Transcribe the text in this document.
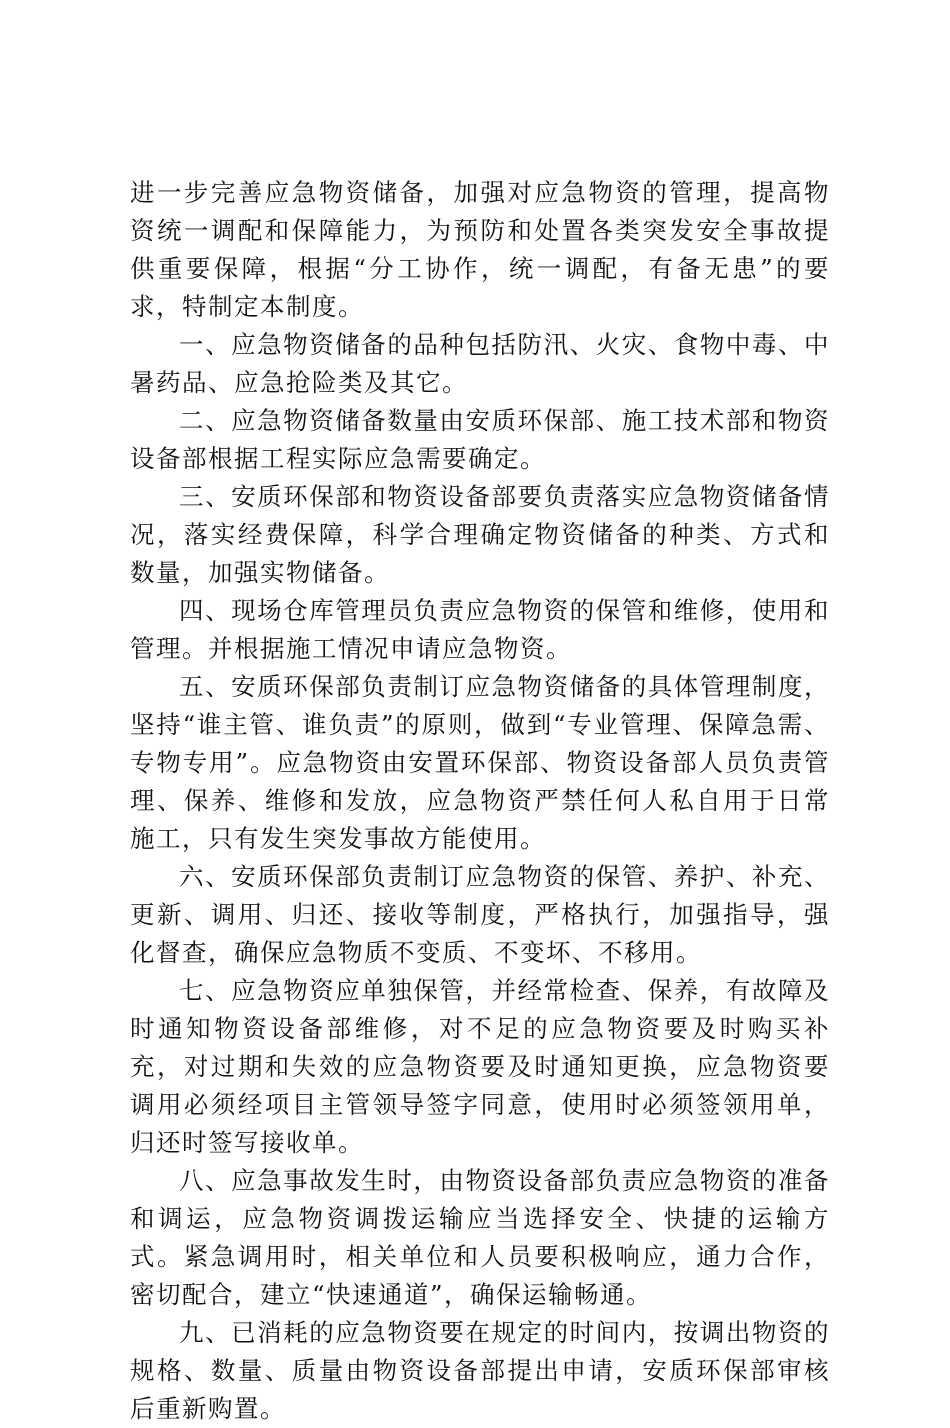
进一步完善应急物资储备，加强对应急物资的管理，提高物资统一调配和保障能力，为预防和处置各类突发安全事故提供重要保障，根据“分工协作，统一调配，有备无患”的要求，特制定本制度。

一、应急物资储备的品种包括防汛、火灾、食物中毒、中暑药品、应急抢险类及其它。

二、应急物资储备数量由安质环保部、施工技术部和物资设备部根据工程实际应急需要确定。

三、安质环保部和物资设备部要负责落实应急物资储备情况，落实经费保障，科学合理确定物资储备的种类、方式和数量，加强实物储备。

四、现场仓库管理员负责应急物资的保管和维修，使用和管理。并根据施工情况申请应急物资。

五、安质环保部负责制订应急物资储备的具体管理制度，坚持“谁主管、谁负责”的原则，做到“专业管理、保障急需、专物专用”。应急物资由安置环保部、物资设备部人员负责管理、保养、维修和发放，应急物资严禁任何人私自用于日常施工，只有发生突发事故方能使用。

六、安质环保部负责制订应急物资的保管、养护、补充、更新、调用、归还、接收等制度，严格执行，加强指导，强化督查，确保应急物质不变质、不变坏、不移用。

七、应急物资应单独保管，并经常检查、保养，有故障及时通知物资设备部维修，对不足的应急物资要及时购买补充，对过期和失效的应急物资要及时通知更换，应急物资要调用必须经项目主管领导签字同意，使用时必须签领用单，归还时签写接收单。

八、应急事故发生时，由物资设备部负责应急物资的准备和调运，应急物资调拨运输应当选择安全、快捷的运输方式。紧急调用时，相关单位和人员要积极响应，通力合作，密切配合，建立“快速通道”，确保运输畅通。

九、已消耗的应急物资要在规定的时间内，按调出物资的规格、数量、质量由物资设备部提出申请，安质环保部审核后重新购置。
